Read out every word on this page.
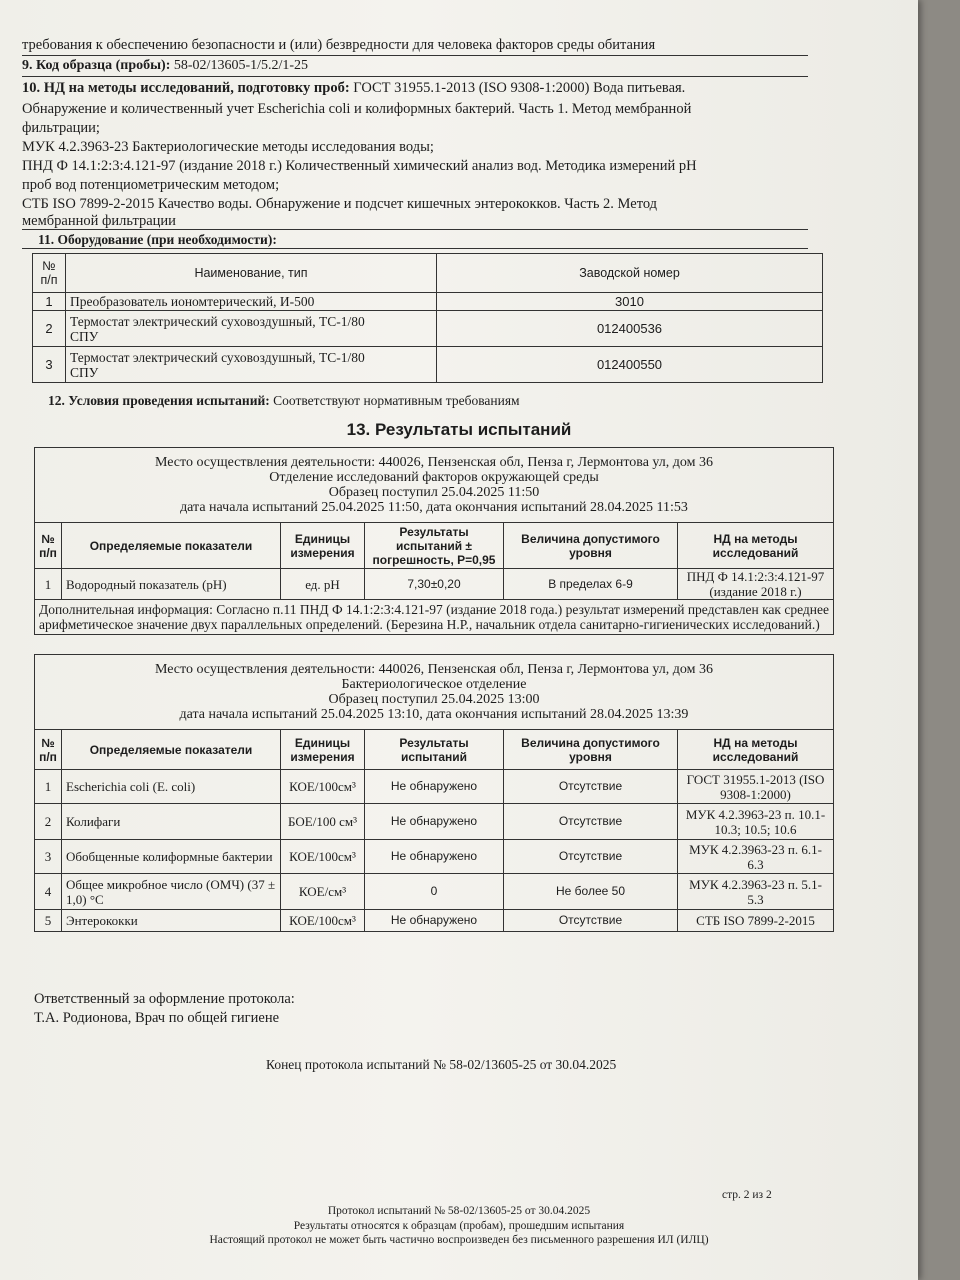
требования к обеспечению безопасности и (или) безвредности для человека факторов среды обитания
9. Код образца (пробы): 58-02/13605-1/5.2/1-25
10. НД на методы исследований, подготовку проб: ГОСТ 31955.1-2013 (ISO 9308-1:2000) Вода питьевая.
Обнаружение и количественный учет Escherichia coli и колиформных бактерий. Часть 1. Метод мембранной
фильтрации;
МУК 4.2.3963-23 Бактериологические методы исследования воды;
ПНД Ф 14.1:2:3:4.121-97 (издание 2018 г.) Количественный химический анализ вод. Методика измерений pH
проб вод потенциометрическим методом;
СТБ ISO 7899-2-2015 Качество воды. Обнаружение и подсчет кишечных энтерококков. Часть 2. Метод
мембранной фильтрации
11. Оборудование (при необходимости):
№
п/п	Наименование, тип	Заводской номер
1	Преобразователь иономтерический, И-500	3010
2	Термостат электрический суховоздушный, ТС-1/80
СПУ	012400536
3	Термостат электрический суховоздушный, ТС-1/80
СПУ	012400550
12. Условия проведения испытаний: Соответствуют нормативным требованиям
13. Результаты испытаний
Место осуществления деятельности: 440026, Пензенская обл, Пенза г, Лермонтова ул, дом 36
Отделение исследований факторов окружающей среды
Образец поступил 25.04.2025 11:50
дата начала испытаний 25.04.2025 11:50, дата окончания испытаний 28.04.2025 11:53					

№ п/п	Определяемые показатели	Единицы измерения	Результаты испытаний ± погрешность, Р=0,95	Величина допустимого уровня	НД на методы исследований
1	Водородный показатель (pH)	ед. pH	7,30±0,20	В пределах 6-9	ПНД Ф 14.1:2:3:4.121-97 (издание 2018 г.)
Дополнительная информация: Согласно п.11 ПНД Ф 14.1:2:3:4.121-97 (издание 2018 года.) результат измерений представлен как среднее арифметическое значение двух параллельных определений. (Березина Н.Р., начальник отдела санитарно-гигиенических исследований.)					
Место осуществления деятельности: 440026, Пензенская обл, Пенза г, Лермонтова ул, дом 36
Бактериологическое отделение
Образец поступил 25.04.2025 13:00
дата начала испытаний 25.04.2025 13:10, дата окончания испытаний 28.04.2025 13:39					

№ п/п	Определяемые показатели	Единицы измерения	Результаты испытаний	Величина допустимого уровня	НД на методы исследований
1	Escherichia coli (E. coli)	КОЕ/100см³	Не обнаружено	Отсутствие	ГОСТ 31955.1-2013 (ISO 9308-1:2000)
2	Колифаги	БОЕ/100 см³	Не обнаружено	Отсутствие	МУК 4.2.3963-23 п. 10.1-10.3; 10.5; 10.6
3	Обобщенные колиформные бактерии	КОЕ/100см³	Не обнаружено	Отсутствие	МУК 4.2.3963-23 п. 6.1-6.3
4	Общее микробное число (ОМЧ) (37 ± 1,0) °С	КОЕ/см³	0	Не более 50	МУК 4.2.3963-23 п. 5.1-5.3
5	Энтерококки	КОЕ/100см³	Не обнаружено	Отсутствие	СТБ ISO 7899-2-2015
Ответственный за оформление протокола:
Т.А. Родионова, Врач по общей гигиене
Конец протокола испытаний № 58-02/13605-25 от 30.04.2025
стр. 2 из 2
Протокол испытаний № 58-02/13605-25 от 30.04.2025
Результаты относятся к образцам (пробам), прошедшим испытания
Настоящий протокол не может быть частично воспроизведен без письменного разрешения ИЛ (ИЛЦ)
